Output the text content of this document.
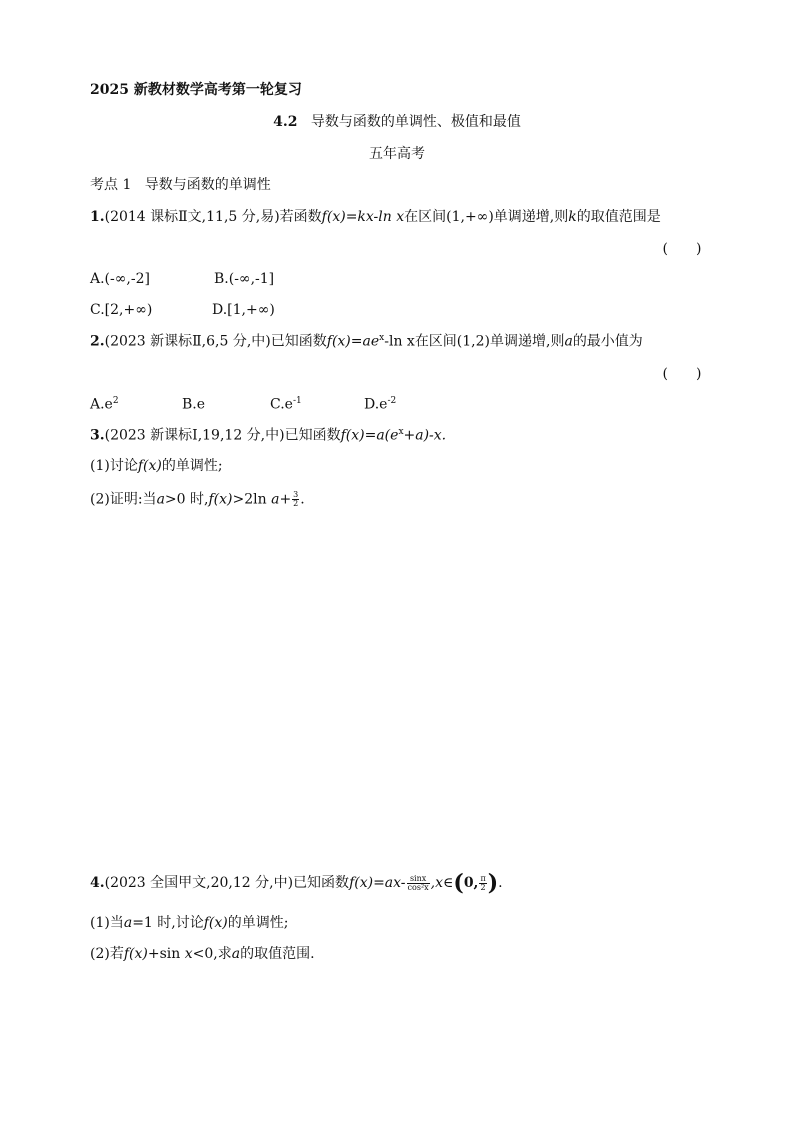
2025 新教材数学高考第一轮复习
4.2 导数与函数的单调性、极值和最值
五年高考
考点 1 导数与函数的单调性
1.(2014 课标Ⅱ文,11,5 分,易)若函数f(x)=kx-ln x在区间(1,+∞)单调递增,则k的取值范围是
(　　)
A.(-∞,-2]	B.(-∞,-1]
C.[2,+∞)	D.[1,+∞)
2.(2023 新课标Ⅱ,6,5 分,中)已知函数$f(x)=ae^x-\ln$ x在区间(1,2)单调递增,则a的最小值为
(　　)
$A.e^2$	B.e	$C.e^{-1}$	$D.e^{-2}$
3.(2023 新课标Ⅰ,19,12 分,中)已知函数$f(x)=a(e^x+a)-x$.
(1)讨论f(x)的单调性;
(2)证明:当a>0 时,f(x)>2ln $a+ \frac{3}{2}$ .
4.(2023 全国甲文,20,12 分,中)已知函数$f(x)=ax- \frac{\sin x}{\text{cos²x}}$ ,x∈(0, $\frac{\pi}{2}$ ).
(1)当a=1 时,讨论f(x)的单调性;
(2)若f(x)+sin x<0,求a的取值范围.
